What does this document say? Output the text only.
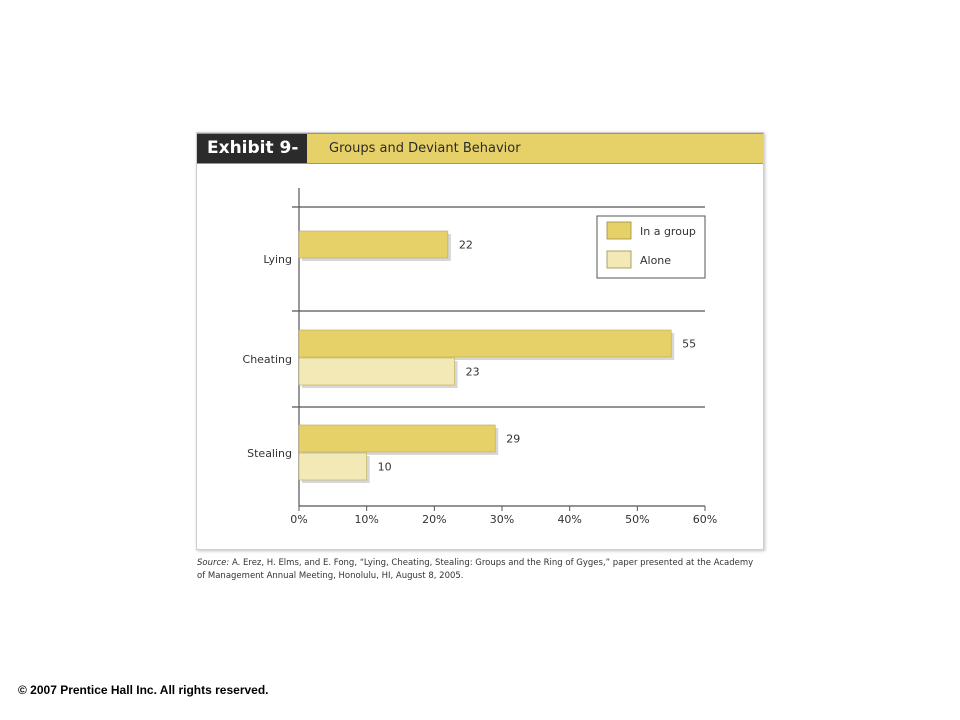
Exhibit 9-6
Groups and Deviant Behavior
0%	10%	20%	30%	40%	50%	60%
Lying
Cheating
Stealing
22
55
23
29
10
In a group
Alone
Source: A. Erez, H. Elms, and E. Fong, “Lying, Cheating, Stealing: Groups and the Ring of Gyges,” paper presented at the Academy of Management Annual Meeting, Honolulu, HI, August 8, 2005.
© 2007 Prentice Hall Inc. All rights reserved.
